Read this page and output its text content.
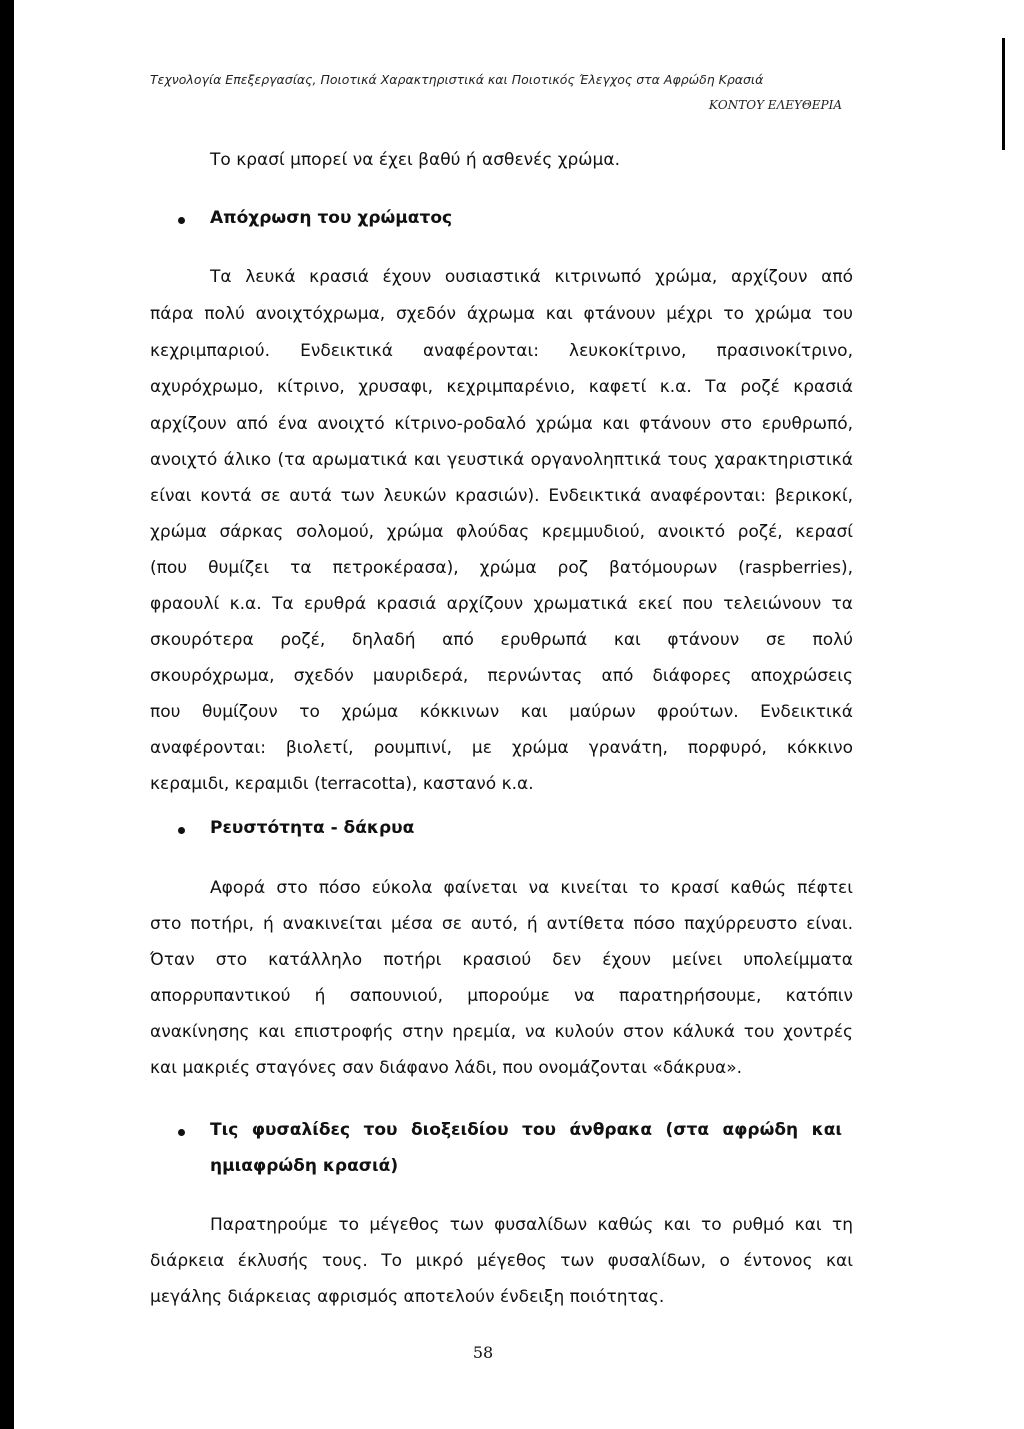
Τεχνολογία Επεξεργασίας, Ποιοτικά Χαρακτηριστικά και Ποιοτικός Έλεγχος στα Αφρώδη Κρασιά
ΚΟΝΤΟΥ ΕΛΕΥΘΕΡΙΑ
Το κρασί μπορεί να έχει βαθύ ή ασθενές χρώμα.
Απόχρωση του χρώματος
Τα λευκά κρασιά έχουν ουσιαστικά κιτρινωπό χρώμα, αρχίζουν από
πάρα πολύ ανοιχτόχρωμα, σχεδόν άχρωμα και φτάνουν μέχρι το χρώμα του
κεχριμπαριού. Ενδεικτικά αναφέρονται: λευκοκίτρινο, πρασινοκίτρινο,
αχυρόχρωμο, κίτρινο, χρυσαφι, κεχριμπαρένιο, καφετί κ.α. Τα ροζέ κρασιά
αρχίζουν από ένα ανοιχτό κίτρινο-ροδαλό χρώμα και φτάνουν στο ερυθρωπό,
ανοιχτό άλικο (τα αρωματικά και γευστικά οργανοληπτικά τους χαρακτηριστικά
είναι κοντά σε αυτά των λευκών κρασιών). Ενδεικτικά αναφέρονται: βερικοκί,
χρώμα σάρκας σολομού, χρώμα φλούδας κρεμμυδιού, ανοικτό ροζέ, κερασί
(που θυμίζει τα πετροκέρασα), χρώμα ροζ βατόμουρων (raspberries),
φραουλί κ.α. Τα ερυθρά κρασιά αρχίζουν χρωματικά εκεί που τελειώνουν τα
σκουρότερα ροζέ, δηλαδή από ερυθρωπά και φτάνουν σε πολύ
σκουρόχρωμα, σχεδόν μαυριδερά, περνώντας από διάφορες αποχρώσεις
που θυμίζουν το χρώμα κόκκινων και μαύρων φρούτων. Ενδεικτικά
αναφέρονται: βιολετί, ρουμπινί, με χρώμα γρανάτη, πορφυρό, κόκκινο
κεραμιδι, κεραμιδι (terracotta), καστανό κ.α.
Ρευστότητα - δάκρυα
Αφορά στο πόσο εύκολα φαίνεται να κινείται το κρασί καθώς πέφτει
στο ποτήρι, ή ανακινείται μέσα σε αυτό, ή αντίθετα πόσο παχύρρευστο είναι.
Όταν στο κατάλληλο ποτήρι κρασιού δεν έχουν μείνει υπολείμματα
απορρυπαντικού ή σαπουνιού, μπορούμε να παρατηρήσουμε, κατόπιν
ανακίνησης και επιστροφής στην ηρεμία, να κυλούν στον κάλυκά του χοντρές
και μακριές σταγόνες σαν διάφανο λάδι, που ονομάζονται «δάκρυα».
Τις φυσαλίδες του διοξειδίου του άνθρακα (στα αφρώδη και
ημιαφρώδη κρασιά)
Παρατηρούμε το μέγεθος των φυσαλίδων καθώς και το ρυθμό και τη
διάρκεια έκλυσής τους. Το μικρό μέγεθος των φυσαλίδων, ο έντονος και
μεγάλης διάρκειας αφρισμός αποτελούν ένδειξη ποιότητας.
58
